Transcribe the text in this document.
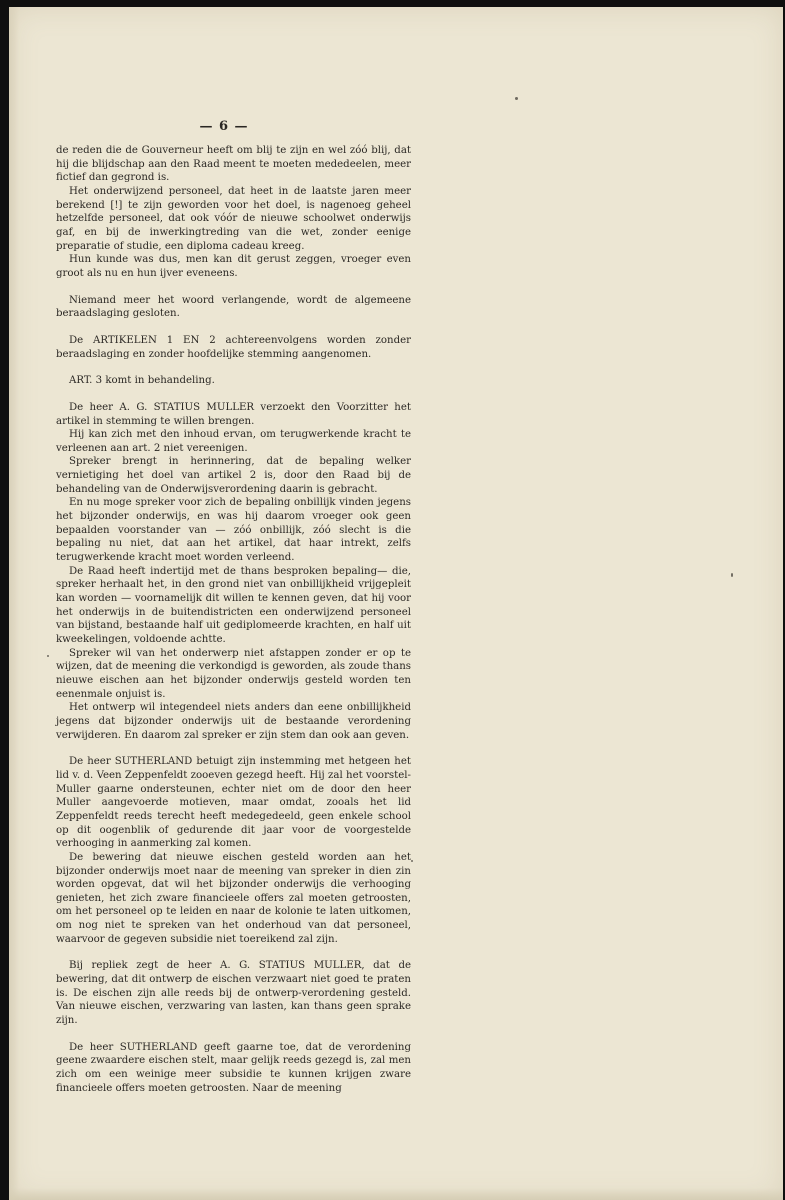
— 6 —

de reden die de Gouverneur heeft om blij te zijn en wel zóó blij, dat hij die blijdschap aan den Raad meent te moeten mededeelen, meer fictief dan gegrond is.

Het onderwijzend personeel, dat heet in de laatste jaren meer berekend [!] te zijn geworden voor het doel, is nagenoeg geheel hetzelfde personeel, dat ook vóór de nieuwe schoolwet onderwijs gaf, en bij de inwerkingtreding van die wet, zonder eenige preparatie of studie, een diploma cadeau kreeg.

Hun kunde was dus, men kan dit gerust zeggen, vroeger even groot als nu en hun ijver eveneens.

Niemand meer het woord verlangende, wordt de algemeene beraadslaging gesloten.

De ARTIKELEN 1 EN 2 achtereenvolgens worden zonder beraadslaging en zonder hoofdelijke stemming aangenomen.

ART. 3 komt in behandeling.

De heer A. G. STATIUS MULLER verzoekt den Voorzitter het artikel in stemming te willen brengen.

Hij kan zich met den inhoud ervan, om terugwerkende kracht te verleenen aan art. 2 niet vereenigen.

Spreker brengt in herinnering, dat de bepaling welker vernietiging het doel van artikel 2 is, door den Raad bij de behandeling van de Onderwijsverordening daarin is gebracht.

En nu moge spreker voor zich de bepaling onbillijk vinden jegens het bijzonder onderwijs, en was hij daarom vroeger ook geen bepaalden voorstander van — zóó onbillijk, zóó slecht is die bepaling nu niet, dat aan het artikel, dat haar intrekt, zelfs terugwerkende kracht moet worden verleend.

De Raad heeft indertijd met de thans besproken bepaling— die, spreker herhaalt het, in den grond niet van onbillijkheid vrijgepleit kan worden — voornamelijk dit willen te kennen geven, dat hij voor het onderwijs in de buitendistricten een onderwijzend personeel van bijstand, bestaande half uit gediplomeerde krachten, en half uit kweekelingen, voldoende achtte.

Spreker wil van het onderwerp niet afstappen zonder er op te wijzen, dat de meening die verkondigd is geworden, als zoude thans nieuwe eischen aan het bijzonder onderwijs gesteld worden ten eenenmale onjuist is.

Het ontwerp wil integendeel niets anders dan eene onbillijkheid jegens dat bijzonder onderwijs uit de bestaande verordening verwijderen. En daarom zal spreker er zijn stem dan ook aan geven.

De heer SUTHERLAND betuigt zijn instemming met hetgeen het lid v. d. Veen Zeppenfeldt zooeven gezegd heeft. Hij zal het voorstel-Muller gaarne ondersteunen, echter niet om de door den heer Muller aangevoerde motieven, maar omdat, zooals het lid Zeppenfeldt reeds terecht heeft medegedeeld, geen enkele school op dit oogenblik of gedurende dit jaar voor de voorgestelde verhooging in aanmerking zal komen.

De bewering dat nieuwe eischen gesteld worden aan het bijzonder onderwijs moet naar de meening van spreker in dien zin worden opgevat, dat wil het bijzonder onderwijs die verhooging genieten, het zich zware financieele offers zal moeten getroosten, om het personeel op te leiden en naar de kolonie te laten uitkomen, om nog niet te spreken van het onderhoud van dat personeel, waarvoor de gegeven subsidie niet toereikend zal zijn.

Bij repliek zegt de heer A. G. STATIUS MULLER, dat de bewering, dat dit ontwerp de eischen verzwaart niet goed te praten is. De eischen zijn alle reeds bij de ontwerp-verordening gesteld. Van nieuwe eischen, verzwaring van lasten, kan thans geen sprake zijn.

De heer SUTHERLAND geeft gaarne toe, dat de verordening geene zwaardere eischen stelt, maar gelijk reeds gezegd is, zal men zich om een weinige meer subsidie te kunnen krijgen zware financieele offers moeten getroosten. Naar de meening
